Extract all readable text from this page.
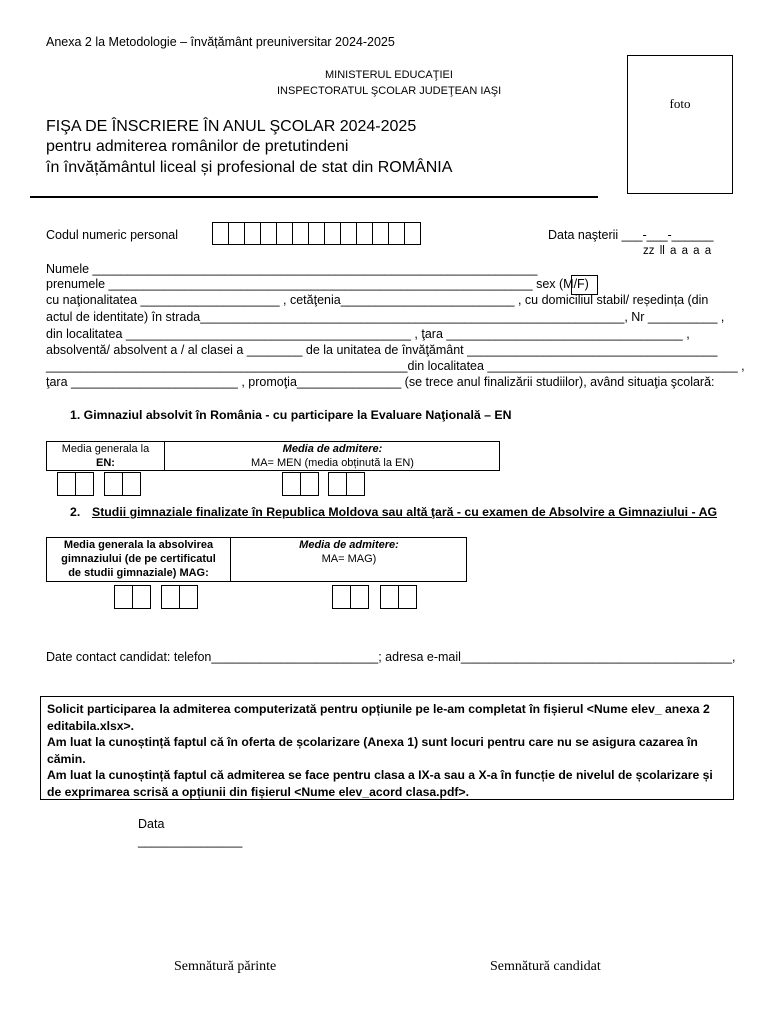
Anexa 2 la Metodologie – învățământ preuniversitar 2024-2025
MINISTERUL EDUCAŢIEI
INSPECTORATUL ŞCOLAR JUDEŢEAN IAŞI
foto
FIŞA DE ÎNSCRIERE ÎN ANUL ŞCOLAR 2024-2025
pentru admiterea românilor de pretutindeni
în învățământul liceal și profesional de stat din ROMÂNIA
Codul numeric personal	Data naşterii ___-___-______
zz ll a a a a
Numele ________________________________________________________________
prenumele _____________________________________________________________ sex (M/F)
cu naţionalitatea ____________________ , cetăţenia_________________________ , cu domiciliul stabil/ reședința (din
actul de identitate) în strada_____________________________________________________________, Nr __________ ,
din localitatea _________________________________________ , ţara __________________________________ ,
absolventă/ absolvent a / al clasei a ________ de la unitatea de învăţământ ____________________________________
____________________________________________________din localitatea ____________________________________ ,
ţara ________________________ , promoţia_______________ (se trece anul finalizării studiilor), având situaţia şcolară:
1. Gimnaziul absolvit în România - cu participare la Evaluare Naţională – EN
Media generala la
EN:
Media de admitere:
MA= MEN (media obținută la EN)
2. Studii gimnaziale finalizate în Republica Moldova sau altă ţară - cu examen de Absolvire a Gimnaziului - AG
Media generala la absolvirea
gimnaziului (de pe certificatul
de studii gimnaziale) MAG:
Media de admitere:
MA= MAG)
Date contact candidat: telefon________________________; adresa e-mail_______________________________________,

Solicit participarea la admiterea computerizată pentru opțiunile pe le-am completat în fișierul <Nume elev_ anexa 2 editabila.xlsx>.

Am luat la cunoștință faptul că în oferta de școlarizare (Anexa 1) sunt locuri pentru care nu se asigura cazarea în cămin.

Am luat la cunoștință faptul că admiterea se face pentru clasa a IX-a sau a X-a în funcție de nivelul de școlarizare și de exprimarea scrisă a opțiunii din fișierul <Nume elev_acord clasa.pdf>.

Data
_______________
Semnătură părinte	Semnătură candidat
